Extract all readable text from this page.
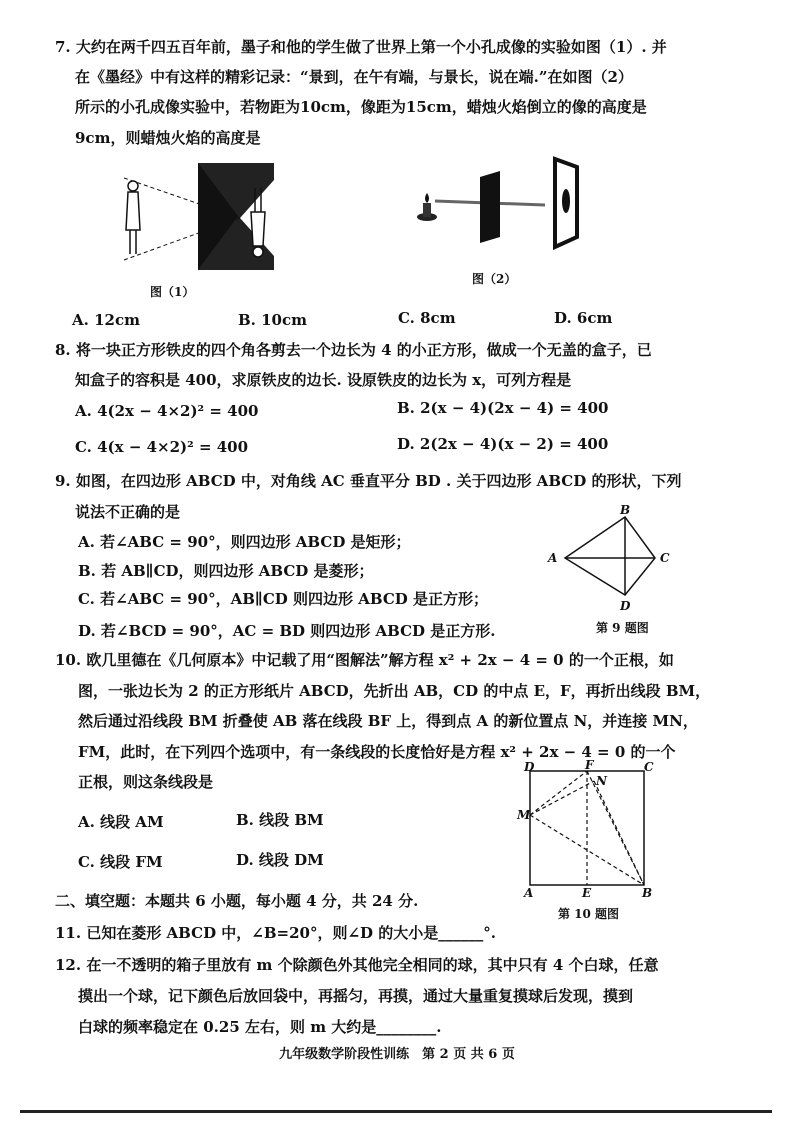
7. 大约在两千四五百年前，墨子和他的学生做了世界上第一个小孔成像的实验如图（1）. 并
在《墨经》中有这样的精彩记录：“景到，在午有端，与景长，说在端.”在如图（2）
所示的小孔成像实验中，若物距为10cm，像距为15cm，蜡烛火焰倒立的像的高度是
9cm，则蜡烛火焰的高度是
图（1）
图（2）
A. 12cm	B. 10cm	C. 8cm	D. 6cm
8. 将一块正方形铁皮的四个角各剪去一个边长为 4 的小正方形，做成一个无盖的盒子，已
知盒子的容积是 400，求原铁皮的边长. 设原铁皮的边长为 x，可列方程是
A. 4(2x − 4×2)² = 400	B. 2(x − 4)(2x − 4) = 400
C. 4(x − 4×2)² = 400	D. 2(2x − 4)(x − 2) = 400
9. 如图，在四边形 ABCD 中，对角线 AC 垂直平分 BD . 关于四边形 ABCD 的形状，下列
说法不正确的是
A. 若∠ABC = 90°，则四边形 ABCD 是矩形；
B. 若 AB∥CD，则四边形 ABCD 是菱形；
C. 若∠ABC = 90°，AB∥CD 则四边形 ABCD 是正方形；
D. 若∠BCD = 90°，AC = BD 则四边形 ABCD 是正方形.
B
A	C
D
第 9 题图
10. 欧几里德在《几何原本》中记载了用“图解法”解方程 x² + 2x − 4 = 0 的一个正根，如
图，一张边长为 2 的正方形纸片 ABCD，先折出 AB，CD 的中点 E，F，再折出线段 BM，
然后通过沿线段 BM 折叠使 AB 落在线段 BF 上，得到点 A 的新位置点 N，并连接 MN，
FM，此时，在下列四个选项中，有一条线段的长度恰好是方程 x² + 2x − 4 = 0 的一个
正根，则这条线段是
A. 线段 AM	B. 线段 BM
C. 线段 FM	D. 线段 DM
D	F	C
N
M
A	E	B
第 10 题图
二、填空题：本题共 6 小题，每小题 4 分，共 24 分.
11. 已知在菱形 ABCD 中，∠B=20°，则∠D 的大小是______°.
12. 在一不透明的箱子里放有 m 个除颜色外其他完全相同的球，其中只有 4 个白球，任意
摸出一个球，记下颜色后放回袋中，再摇匀，再摸，通过大量重复摸球后发现，摸到
白球的频率稳定在 0.25 左右，则 m 大约是________.
九年级数学阶段性训练　第 2 页 共 6 页
